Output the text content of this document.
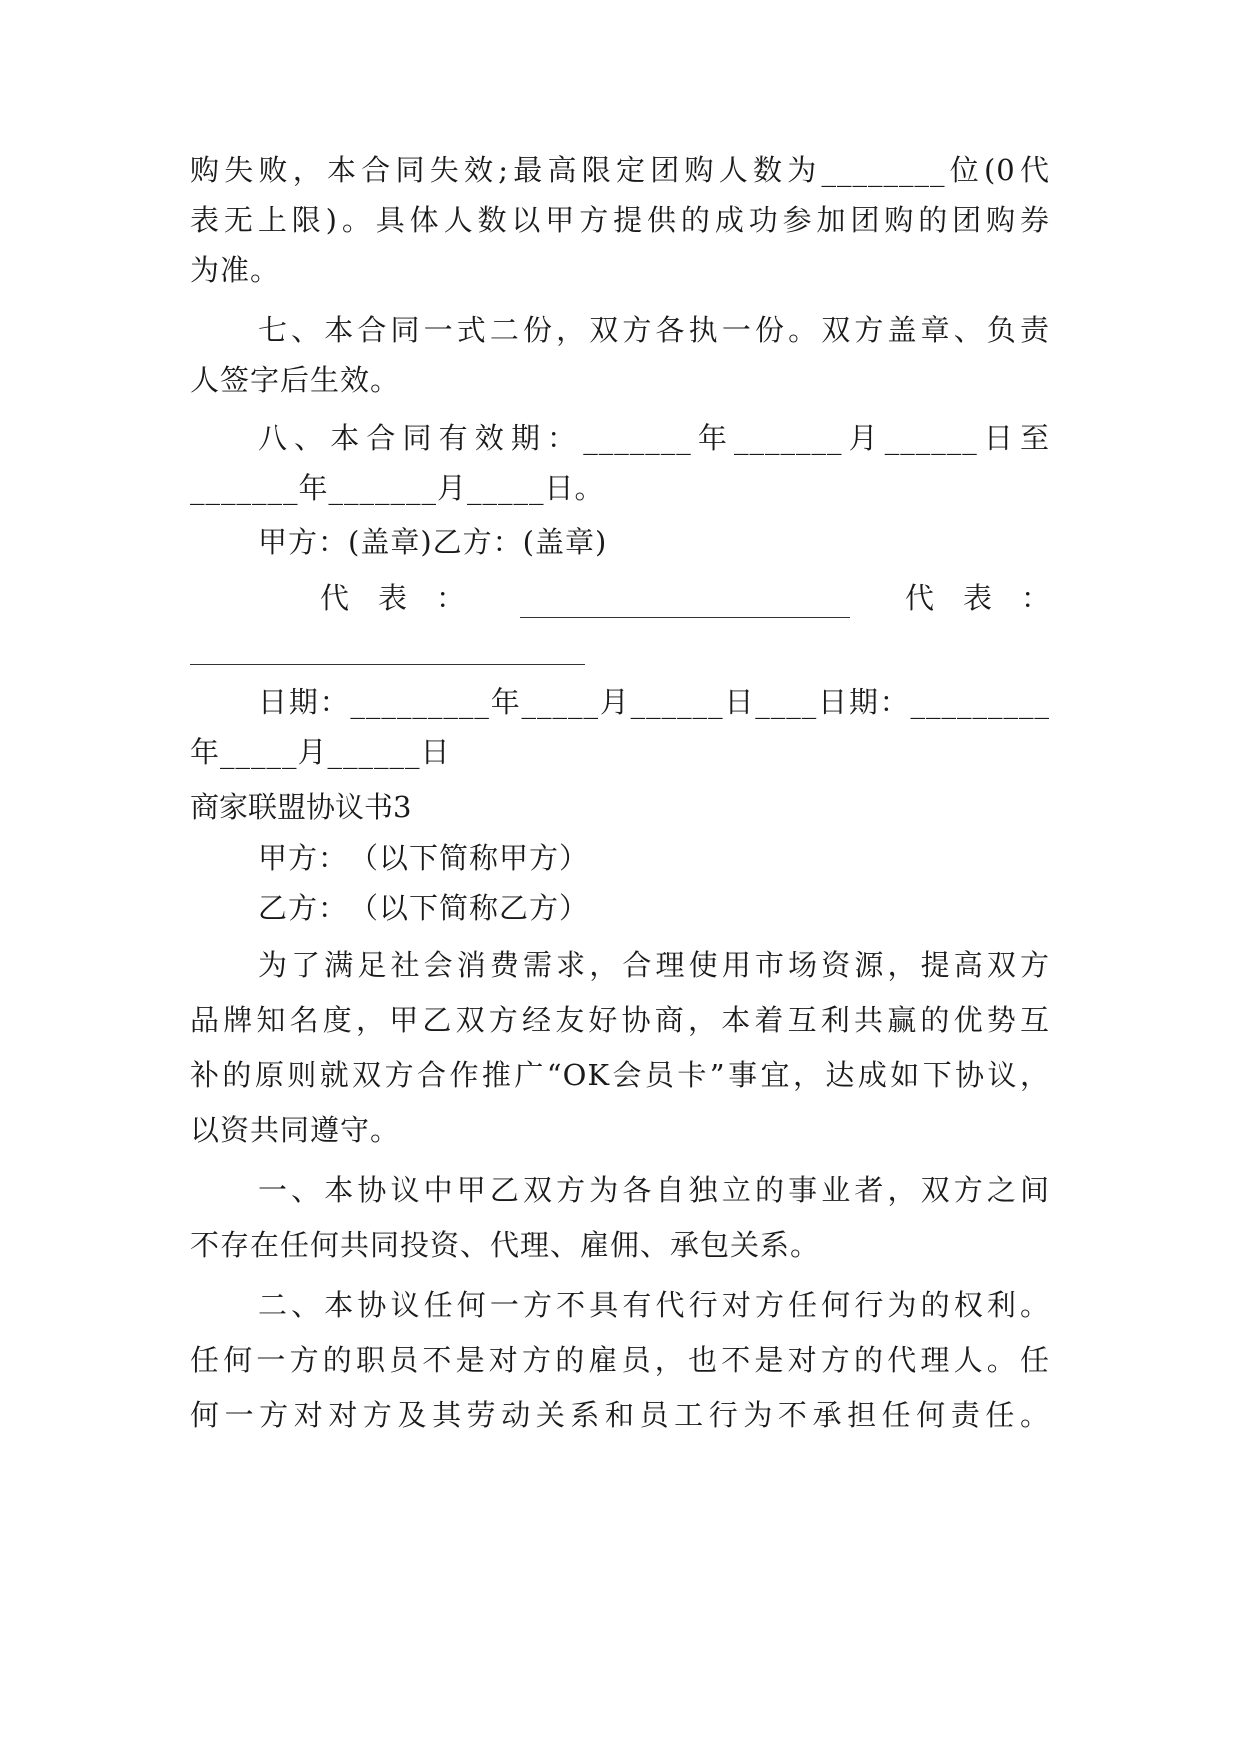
购失败，本合同失效;最高限定团购人数为________位(0代
表无上限)。具体人数以甲方提供的成功参加团购的团购券
为准。
七、本合同一式二份，双方各执一份。双方盖章、负责
人签字后生效。
八、本合同有效期：_______年_______月______日至
_______年_______月_____日。
甲方：(盖章)乙方：(盖章)
代　表　：	代　表　：
日期：_________年_____月______日____日期：_________
年_____月______日
商家联盟协议书3
甲方：　（以下简称甲方）
乙方：　（以下简称乙方）
为了满足社会消费需求，合理使用市场资源，提高双方
品牌知名度，甲乙双方经友好协商，本着互利共赢的优势互
补的原则就双方合作推广“OK会员卡”事宜，达成如下协议，
以资共同遵守。
一、本协议中甲乙双方为各自独立的事业者，双方之间
不存在任何共同投资、代理、雇佣、承包关系。
二、本协议任何一方不具有代行对方任何行为的权利。
任何一方的职员不是对方的雇员，也不是对方的代理人。任
何一方对对方及其劳动关系和员工行为不承担任何责任。
